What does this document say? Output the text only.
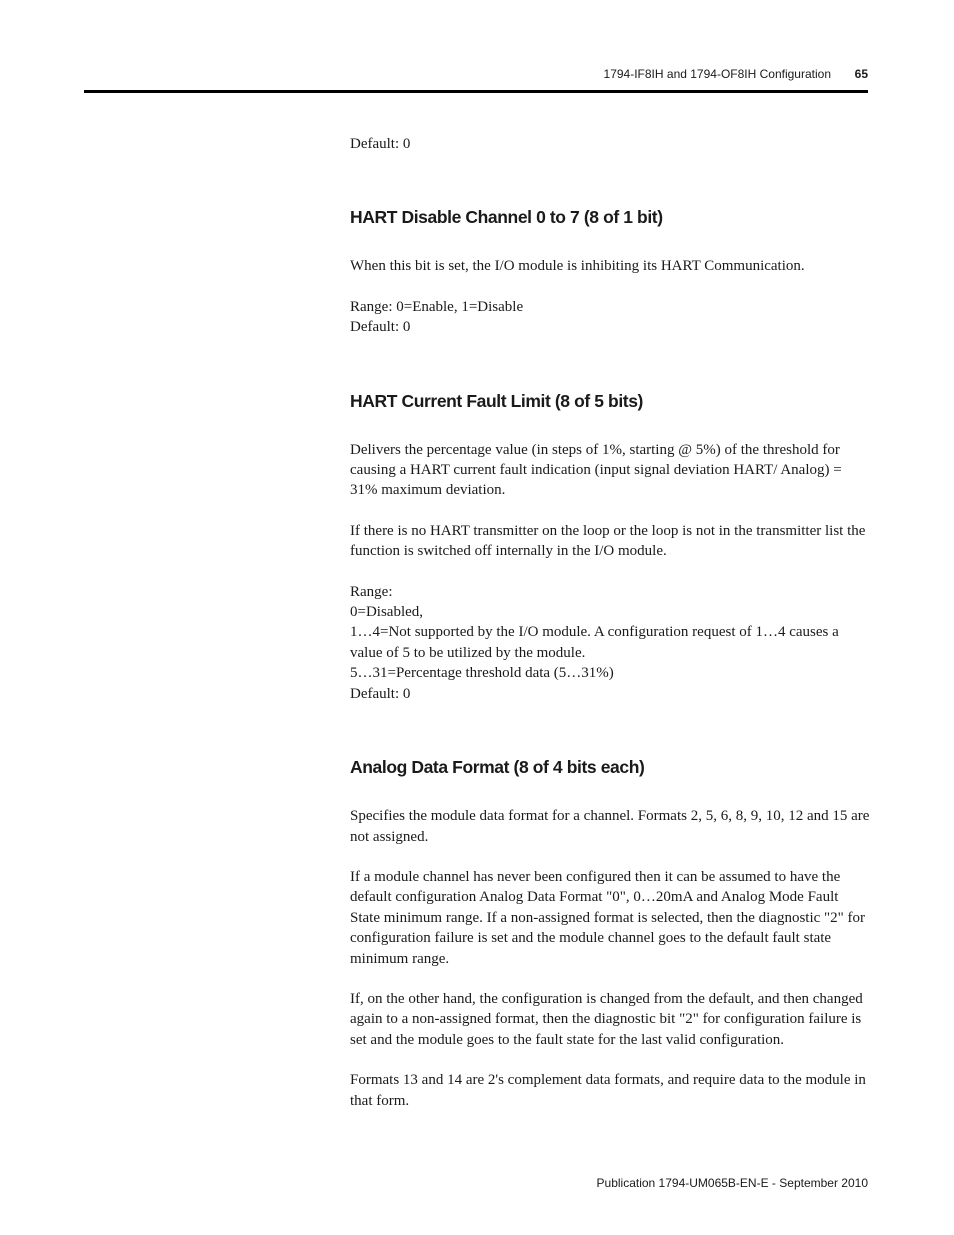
1794-IF8IH and 1794-OF8IH Configuration 65

Default: 0

HART Disable Channel 0 to 7 (8 of 1 bit)

When this bit is set, the I/O module is inhibiting its HART Communication.

Range: 0=Enable, 1=Disable
Default: 0

HART Current Fault Limit (8 of 5 bits)

Delivers the percentage value (in steps of 1%, starting @ 5%) of the threshold for causing a HART current fault indication (input signal deviation HART/ Analog) = 31% maximum deviation.

If there is no HART transmitter on the loop or the loop is not in the transmitter list the function is switched off internally in the I/O module.

Range:
0=Disabled,
1…4=Not supported by the I/O module. A configuration request of 1…4 causes a value of 5 to be utilized by the module.
5…31=Percentage threshold data (5…31%)
Default: 0

Analog Data Format (8 of 4 bits each)

Specifies the module data format for a channel. Formats 2, 5, 6, 8, 9, 10, 12 and 15 are not assigned.

If a module channel has never been configured then it can be assumed to have the default configuration Analog Data Format "0", 0…20mA and Analog Mode Fault State minimum range. If a non-assigned format is selected, then the diagnostic "2" for configuration failure is set and the module channel goes to the default fault state minimum range.

If, on the other hand, the configuration is changed from the default, and then changed again to a non-assigned format, then the diagnostic bit "2" for configuration failure is set and the module goes to the fault state for the last valid configuration.

Formats 13 and 14 are 2's complement data formats, and require data to the module in that form.

Publication 1794-UM065B-EN-E - September 2010
